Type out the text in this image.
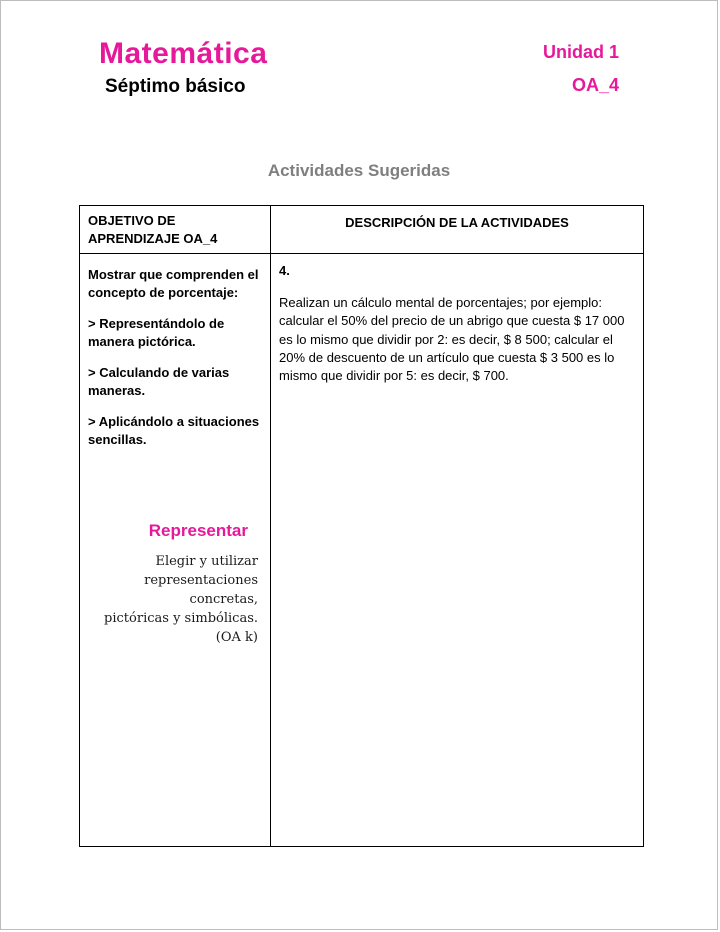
Matemática
Séptimo básico
Unidad 1
OA_4
Actividades Sugeridas
OBJETIVO DE APRENDIZAJE OA_4
DESCRIPCIÓN DE LA ACTIVIDADES
Mostrar que comprenden el concepto de porcentaje:
> Representándolo de manera pictórica.
> Calculando de varias maneras.
> Aplicándolo a situaciones sencillas.
Representar
Elegir y utilizar
representaciones concretas,
pictóricas y simbólicas.
(OA k)
4.
Realizan un cálculo mental de porcentajes; por ejemplo: calcular el 50% del precio de un abrigo que cuesta $ 17 000 es lo mismo que dividir por 2: es decir, $ 8 500; calcular el 20% de descuento de un artículo que cuesta $ 3 500 es lo mismo que dividir por 5: es decir, $ 700.
